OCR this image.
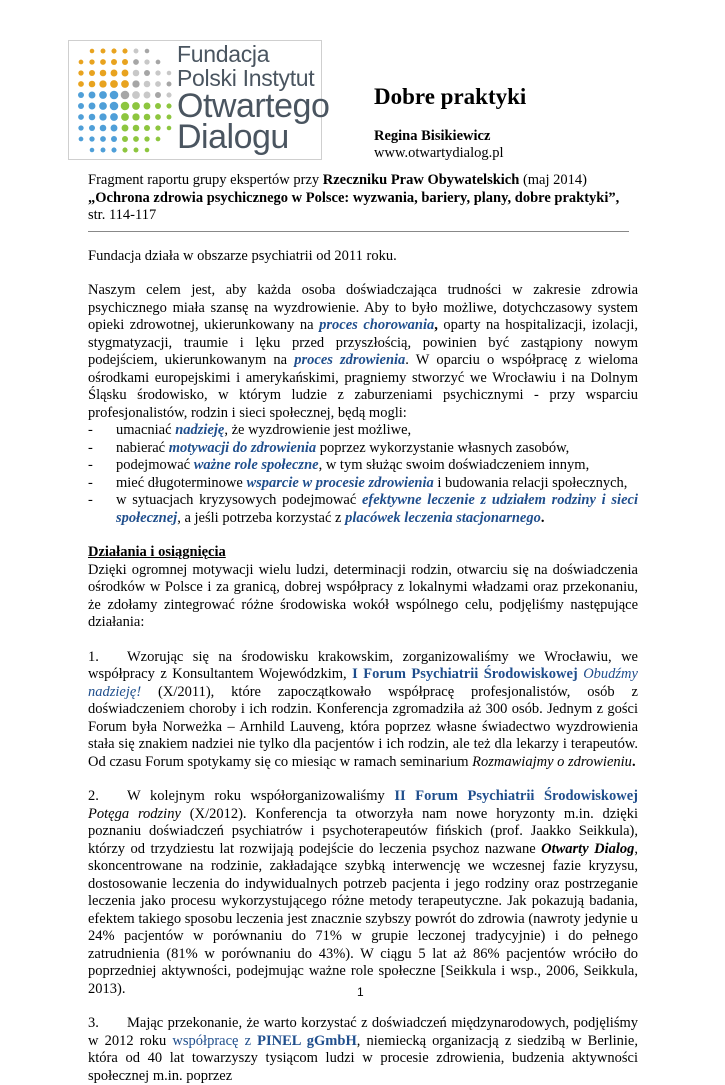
Fundacja
Polski Instytut
Otwartego
Dialogu
Dobre praktyki
Regina Bisikiewicz
www.otwartydialog.pl

Fragment raportu grupy ekspertów przy Rzeczniku Praw Obywatelskich (maj 2014)
„Ochrona zdrowia psychicznego w Polsce: wyzwania, bariery, plany, dobre praktyki”,
str. 114-117

Fundacja działa w obszarze psychiatrii od 2011 roku.

Naszym celem jest, aby każda osoba doświadczająca trudności w zakresie zdrowia psychicznego miała szansę na wyzdrowienie. Aby to było możliwe, dotychczasowy system opieki zdrowotnej, ukierunkowany na proces chorowania, oparty na hospitalizacji, izolacji, stygmatyzacji, traumie i lęku przed przyszłością, powinien być zastąpiony nowym podejściem, ukierunkowanym na proces zdrowienia. W oparciu o współpracę z wieloma ośrodkami europejskimi i amerykańskimi, pragniemy stworzyć we Wrocławiu i na Dolnym Śląsku środowisko, w którym ludzie z zaburzeniami psychicznymi - przy wsparciu profesjonalistów, rodzin i sieci społecznej, będą mogli:

- umacniać nadzieję, że wyzdrowienie jest możliwe,
- nabierać motywacji do zdrowienia poprzez wykorzystanie własnych zasobów,
- podejmować ważne role społeczne, w tym służąc swoim doświadczeniem innym,
- mieć długoterminowe wsparcie w procesie zdrowienia i budowania relacji społecznych,
- w sytuacjach kryzysowych podejmować efektywne leczenie z udziałem rodziny i sieci społecznej, a jeśli potrzeba korzystać z placówek leczenia stacjonarnego.

Działania i osiągnięcia

Dzięki ogromnej motywacji wielu ludzi, determinacji rodzin, otwarciu się na doświadczenia ośrodków w Polsce i za granicą, dobrej współpracy z lokalnymi władzami oraz przekonaniu, że zdołamy zintegrować różne środowiska wokół wspólnego celu, podjęliśmy następujące działania:

1. Wzorując się na środowisku krakowskim, zorganizowaliśmy we Wrocławiu, we współpracy z Konsultantem Wojewódzkim, I Forum Psychiatrii Środowiskowej Obudźmy nadzieję! (X/2011), które zapoczątkowało współpracę profesjonalistów, osób z doświadczeniem choroby i ich rodzin. Konferencja zgromadziła aż 300 osób. Jednym z gości Forum była Norweżka – Arnhild Lauveng, która poprzez własne świadectwo wyzdrowienia stała się znakiem nadziei nie tylko dla pacjentów i ich rodzin, ale też dla lekarzy i terapeutów. Od czasu Forum spotykamy się co miesiąc w ramach seminarium Rozmawiajmy o zdrowieniu.

2. W kolejnym roku współorganizowaliśmy II Forum Psychiatrii Środowiskowej Potęga rodziny (X/2012). Konferencja ta otworzyła nam nowe horyzonty m.in. dzięki poznaniu doświadczeń psychiatrów i psychoterapeutów fińskich (prof. Jaakko Seikkula), którzy od trzydziestu lat rozwijają podejście do leczenia psychoz nazwane Otwarty Dialog, skoncentrowane na rodzinie, zakładające szybką interwencję we wczesnej fazie kryzysu, dostosowanie leczenia do indywidualnych potrzeb pacjenta i jego rodziny oraz postrzeganie leczenia jako procesu wykorzystującego różne metody terapeutyczne. Jak pokazują badania, efektem takiego sposobu leczenia jest znacznie szybszy powrót do zdrowia (nawroty jedynie u 24% pacjentów w porównaniu do 71% w grupie leczonej tradycyjnie) i do pełnego zatrudnienia (81% w porównaniu do 43%). W ciągu 5 lat aż 86% pacjentów wróciło do poprzedniej aktywności, podejmując ważne role społeczne [Seikkula i wsp., 2006, Seikkula, 2013).

3. Mając przekonanie, że warto korzystać z doświadczeń międzynarodowych, podjęliśmy w 2012 roku współpracę z PINEL gGmbH, niemiecką organizacją z siedzibą w Berlinie, która od 40 lat towarzyszy tysiącom ludzi w procesie zdrowienia, budzenia aktywności społecznej m.in. poprzez

1
